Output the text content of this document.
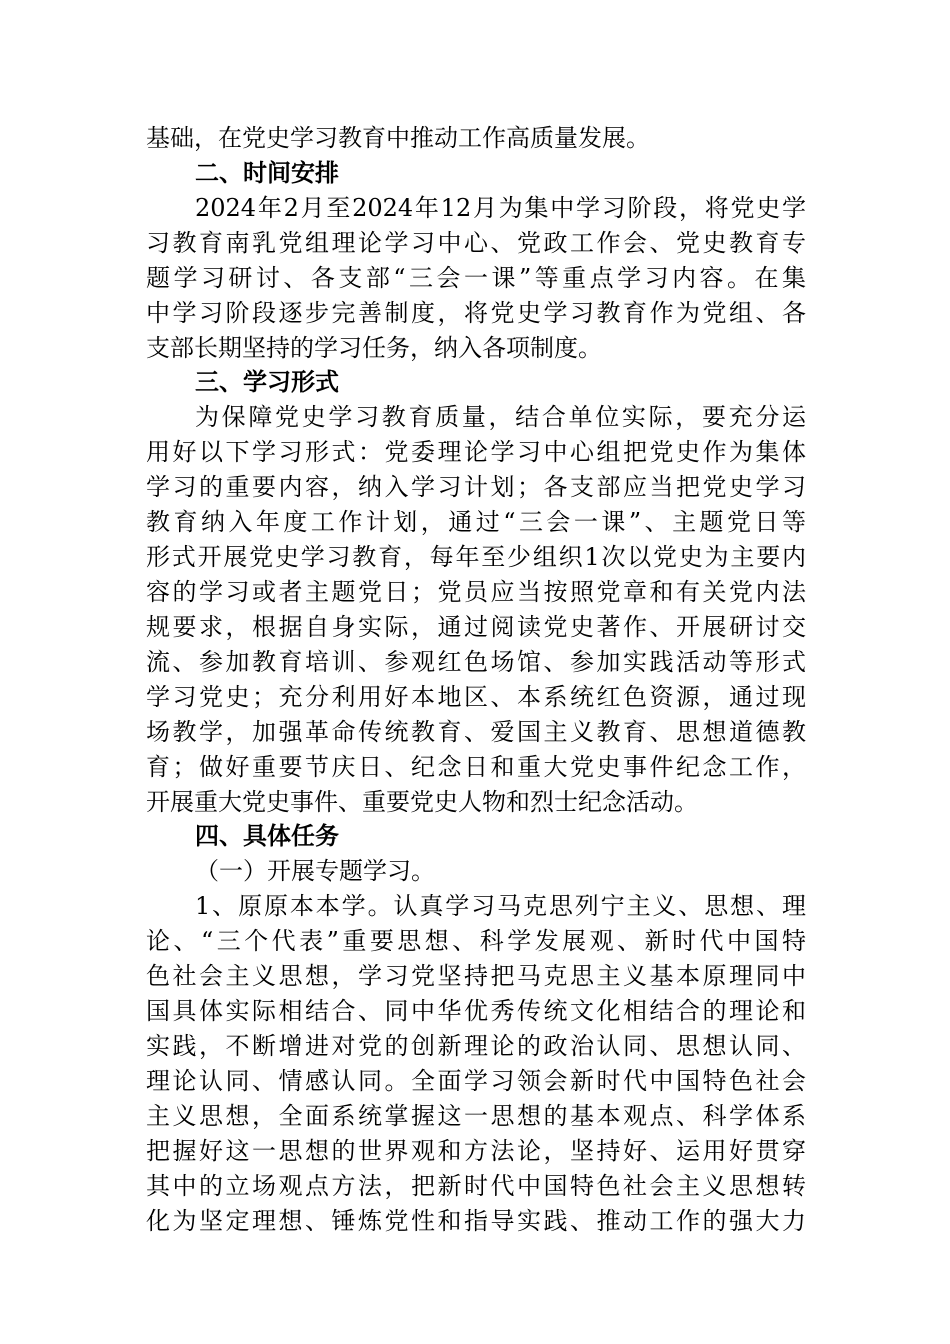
基础，在党史学习教育中推动工作高质量发展。
二、时间安排
2024年2月至2024年12月为集中学习阶段，将党史学
习教育南乳党组理论学习中心、党政工作会、党史教育专
题学习研讨、各支部“三会一课”等重点学习内容。在集
中学习阶段逐步完善制度，将党史学习教育作为党组、各
支部长期坚持的学习任务，纳入各项制度。
三、学习形式
为保障党史学习教育质量，结合单位实际，要充分运
用好以下学习形式：党委理论学习中心组把党史作为集体
学习的重要内容，纳入学习计划；各支部应当把党史学习
教育纳入年度工作计划，通过“三会一课”、主题党日等
形式开展党史学习教育，每年至少组织1次以党史为主要内
容的学习或者主题党日；党员应当按照党章和有关党内法
规要求，根据自身实际，通过阅读党史著作、开展研讨交
流、参加教育培训、参观红色场馆、参加实践活动等形式
学习党史；充分利用好本地区、本系统红色资源，通过现
场教学，加强革命传统教育、爱国主义教育、思想道德教
育；做好重要节庆日、纪念日和重大党史事件纪念工作，
开展重大党史事件、重要党史人物和烈士纪念活动。
四、具体任务
（一）开展专题学习。
1、原原本本学。认真学习马克思列宁主义、思想、理
论、“三个代表”重要思想、科学发展观、新时代中国特
色社会主义思想，学习党坚持把马克思主义基本原理同中
国具体实际相结合、同中华优秀传统文化相结合的理论和
实践，不断增进对党的创新理论的政治认同、思想认同、
理论认同、情感认同。全面学习领会新时代中国特色社会
主义思想，全面系统掌握这一思想的基本观点、科学体系
把握好这一思想的世界观和方法论，坚持好、运用好贯穿
其中的立场观点方法，把新时代中国特色社会主义思想转
化为坚定理想、锤炼党性和指导实践、推动工作的强大力
